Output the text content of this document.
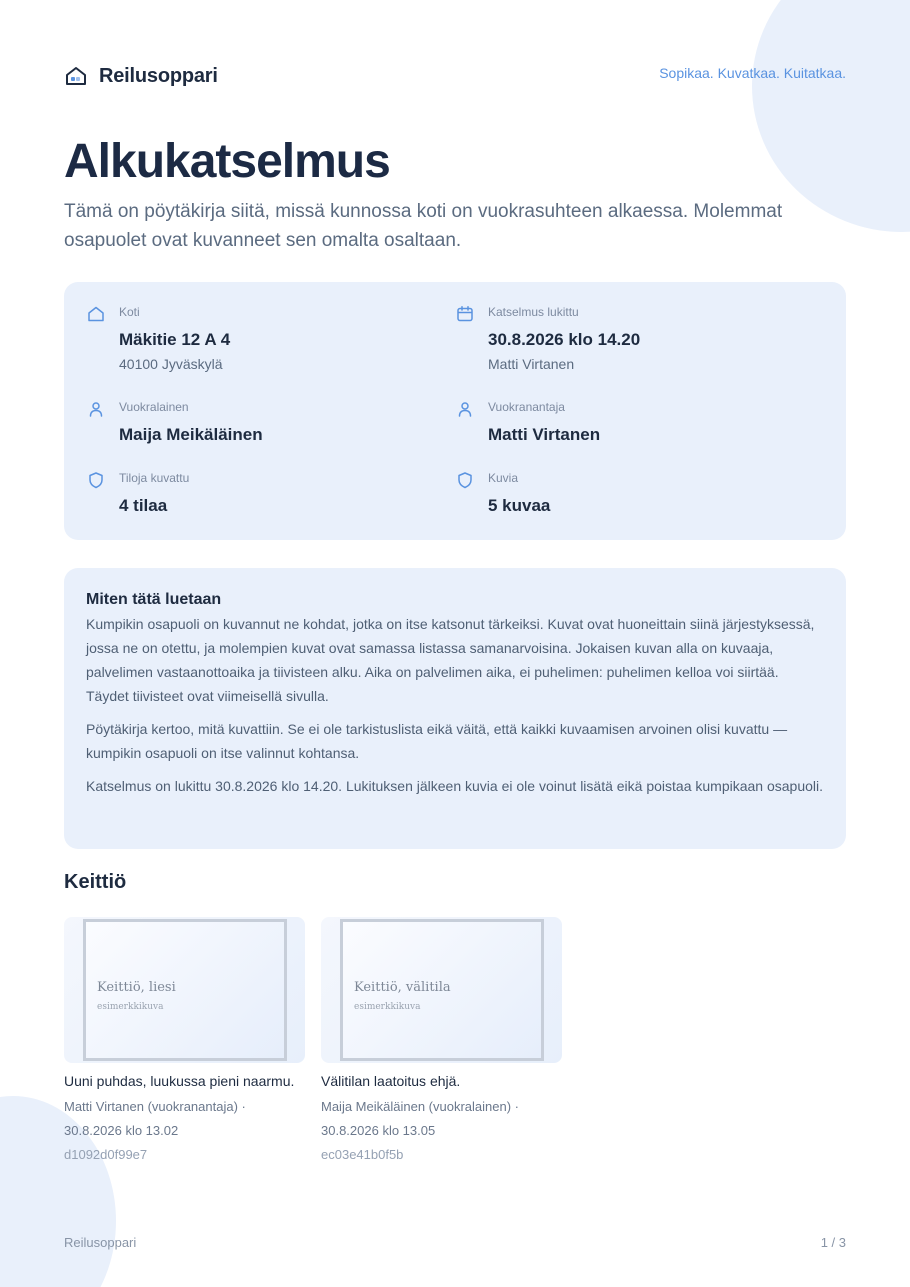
Reilusoppari	Sopikaa. Kuvatkaa. Kuitatkaa.
Alkukatselmus

Tämä on pöytäkirja siitä, missä kunnossa koti on vuokrasuhteen alkaessa. Molemmat osapuolet ovat kuvanneet sen omalta osaltaan.

Koti
Mäkitie 12 A 4
40100 Jyväskylä
Katselmus lukittu
30.8.2026 klo 14.20
Matti Virtanen
Vuokralainen
Maija Meikäläinen
Vuokranantaja
Matti Virtanen
Tiloja kuvattu
4 tilaa
Kuvia
5 kuvaa
Miten tätä luetaan

Kumpikin osapuoli on kuvannut ne kohdat, jotka on itse katsonut tärkeiksi. Kuvat ovat huoneittain siinä järjestyksessä, jossa ne on otettu, ja molempien kuvat ovat samassa listassa samanarvoisina. Jokaisen kuvan alla on kuvaaja, palvelimen vastaanottoaika ja tiivisteen alku. Aika on palvelimen aika, ei puhelimen: puhelimen kelloa voi siirtää. Täydet tiivisteet ovat viimeisellä sivulla.

Pöytäkirja kertoo, mitä kuvattiin. Se ei ole tarkistuslista eikä väitä, että kaikki kuvaamisen arvoinen olisi kuvattu — kumpikin osapuoli on itse valinnut kohtansa.

Katselmus on lukittu 30.8.2026 klo 14.20. Lukituksen jälkeen kuvia ei ole voinut lisätä eikä poistaa kumpikaan osapuoli.

Keittiö
Keittiö, liesi
esimerkkikuva
Uuni puhdas, luukussa pieni naarmu.
Matti Virtanen (vuokranantaja) · 30.8.2026 klo 13.02
d1092d0f99e7
Keittiö, välitila
esimerkkikuva
Välitilan laatoitus ehjä.
Maija Meikäläinen (vuokralainen) · 30.8.2026 klo 13.05
ec03e41b0f5b
Reilusoppari	1 / 3
